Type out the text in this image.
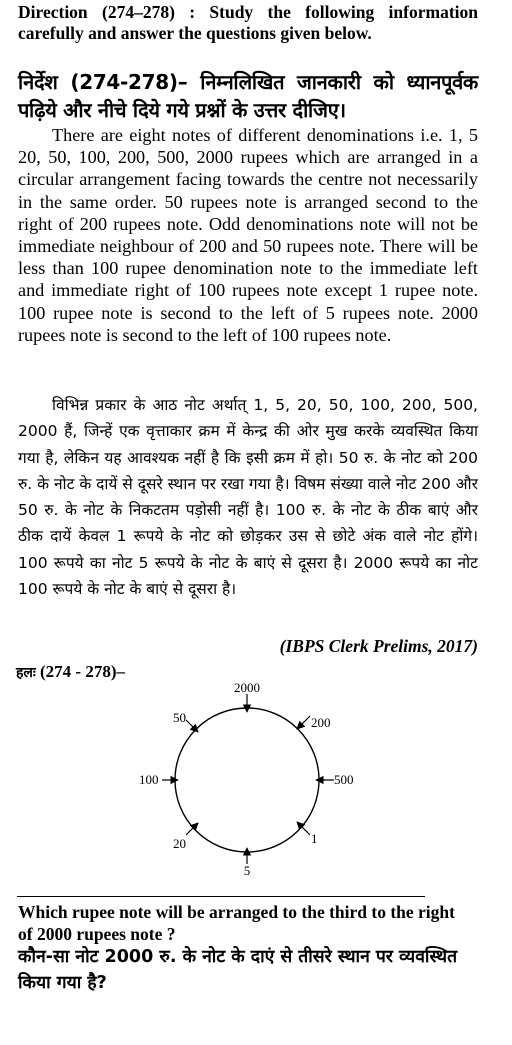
Direction (274–278) : Study the following information carefully and answer the questions given below.
निर्देश (274-278)– निम्नलिखित जानकारी को ध्यानपूर्वक पढ़िये और नीचे दिये गये प्रश्नों के उत्तर दीजिए।
There are eight notes of different denominations i.e. 1, 5 20, 50, 100, 200, 500, 2000 rupees which are arranged in a circular arrangement facing towards the centre not necessarily in the same order. 50 rupees note is arranged second to the right of 200 rupees note. Odd denominations note will not be immediate neighbour of 200 and 50 rupees note. There will be less than 100 rupee denomination note to the immediate left and immediate right of 100 rupees note except 1 rupee note. 100 rupee note is second to the left of 5 rupees note. 2000 rupees note is second to the left of 100 rupees note.
विभिन्न प्रकार के आठ नोट अर्थात् 1, 5, 20, 50, 100, 200, 500, 2000 हैं, जिन्हें एक वृत्ताकार क्रम में केन्द्र की ओर मुख करके व्यवस्थित किया गया है, लेकिन यह आवश्यक नहीं है कि इसी क्रम में हो। 50 रु. के नोट को 200 रु. के नोट के दायें से दूसरे स्थान पर रखा गया है। विषम संख्या वाले नोट 200 और 50 रु. के नोट के निकटतम पड़ोसी नहीं है। 100 रु. के नोट के ठीक बाएं और ठीक दायें केवल 1 रूपये के नोट को छोड़कर उस से छोटे अंक वाले नोट होंगे। 100 रूपये का नोट 5 रूपये के नोट के बाएं से दूसरा है। 2000 रूपये का नोट 100 रूपये के नोट के बाएं से दूसरा है।
(IBPS Clerk Prelims, 2017)
हलः (274 - 278)–
2000
200
500
1
5
20
100
50
Which rupee note will be arranged to the third to the right of 2000 rupees note ?
कौन-सा नोट 2000 रु. के नोट के दाएं से तीसरे स्थान पर व्यवस्थित किया गया है?
